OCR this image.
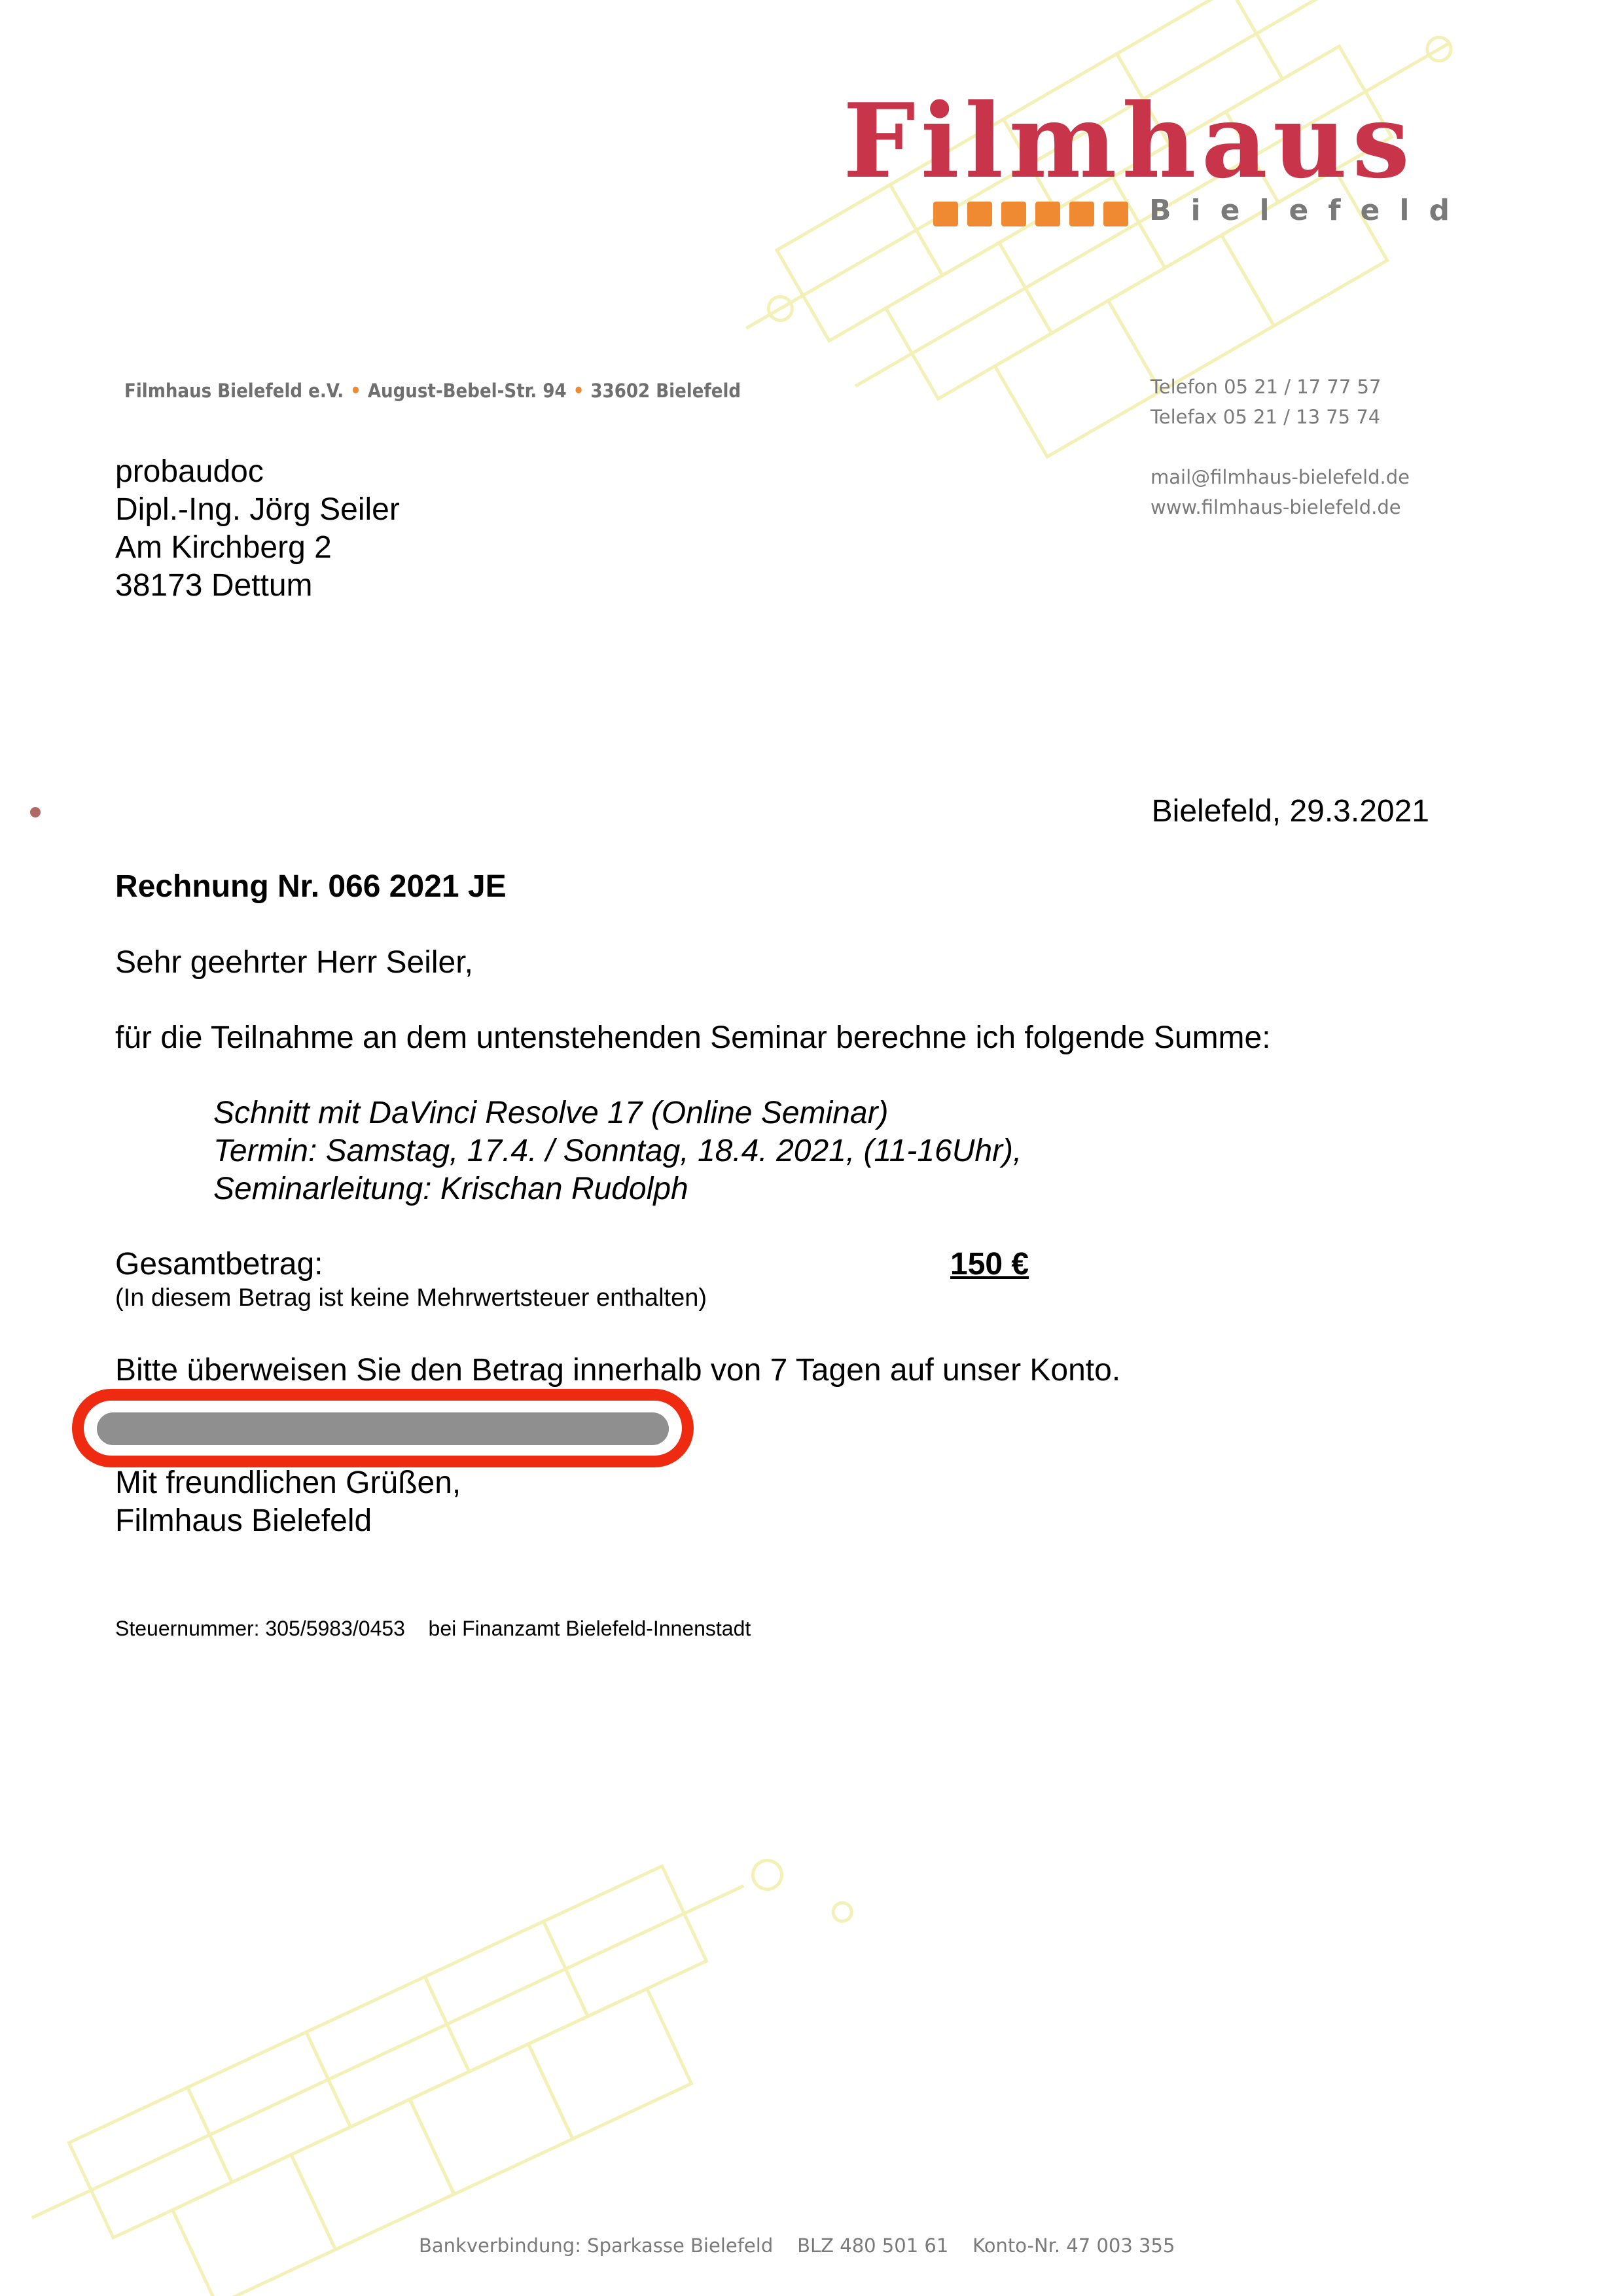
Filmhaus
Bielefeld
Filmhaus Bielefeld e.V. • August-Bebel-Str. 94 • 33602 Bielefeld	Telefon 05 21 / 17 77 57
Telefax 05 21 / 13 75 74
mail@filmhaus-bielefeld.de
www.filmhaus-bielefeld.de
probaudoc
Dipl.-Ing. Jörg Seiler
Am Kirchberg 2
38173 Dettum
Bielefeld, 29.3.2021
Rechnung Nr. 066 2021 JE
Sehr geehrter Herr Seiler,
für die Teilnahme an dem untenstehenden Seminar berechne ich folgende Summe:
Schnitt mit DaVinci Resolve 17 (Online Seminar)
Termin: Samstag, 17.4. / Sonntag, 18.4. 2021, (11-16Uhr),
Seminarleitung: Krischan Rudolph
Gesamtbetrag:	150 €
(In diesem Betrag ist keine Mehrwertsteuer enthalten)
Bitte überweisen Sie den Betrag innerhalb von 7 Tagen auf unser Konto.
Mit freundlichen Grüßen,
Filmhaus Bielefeld
Steuernummer: 305/5983/0453    bei Finanzamt Bielefeld-Innenstadt
Bankverbindung: Sparkasse Bielefeld    BLZ 480 501 61    Konto-Nr. 47 003 355
